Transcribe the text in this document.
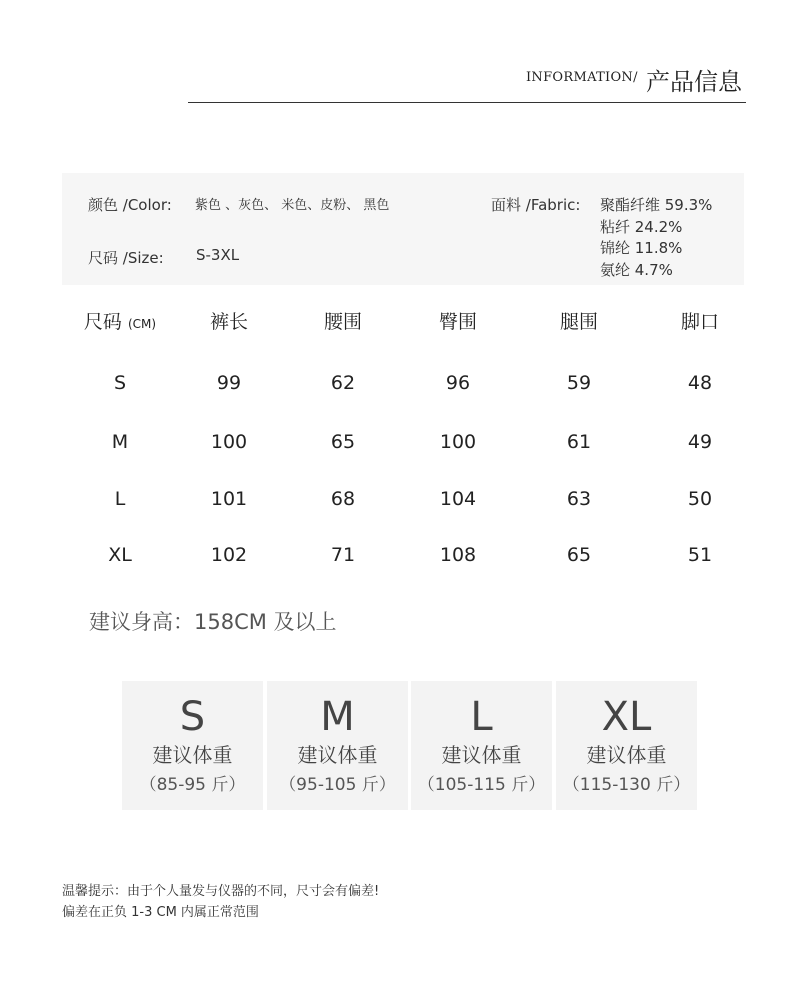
INFORMATION/ 产品信息
颜色 /Color: 紫色 、灰色、 米色、皮粉、 黑色
尺码 /Size: S-3XL
面料 /Fabric: 聚酯纤维 59.3%
粘纤 24.2%
锦纶 11.8%
氨纶 4.7%
尺码 (CM)	裤长	腰围	臀围	腿围	脚口
S	99	62	96	59	48
M	100	65	100	61	49
L	101	68	104	63	50
XL	102	71	108	65	51
建议身高：158CM 及以上
S
建议体重
（85-95 斤）
M
建议体重
（95-105 斤）
L
建议体重
（105-115 斤）
XL
建议体重
（115-130 斤）
温馨提示：由于个人量发与仪器的不同，尺寸会有偏差!
偏差在正负 1-3 CM 内属正常范围
